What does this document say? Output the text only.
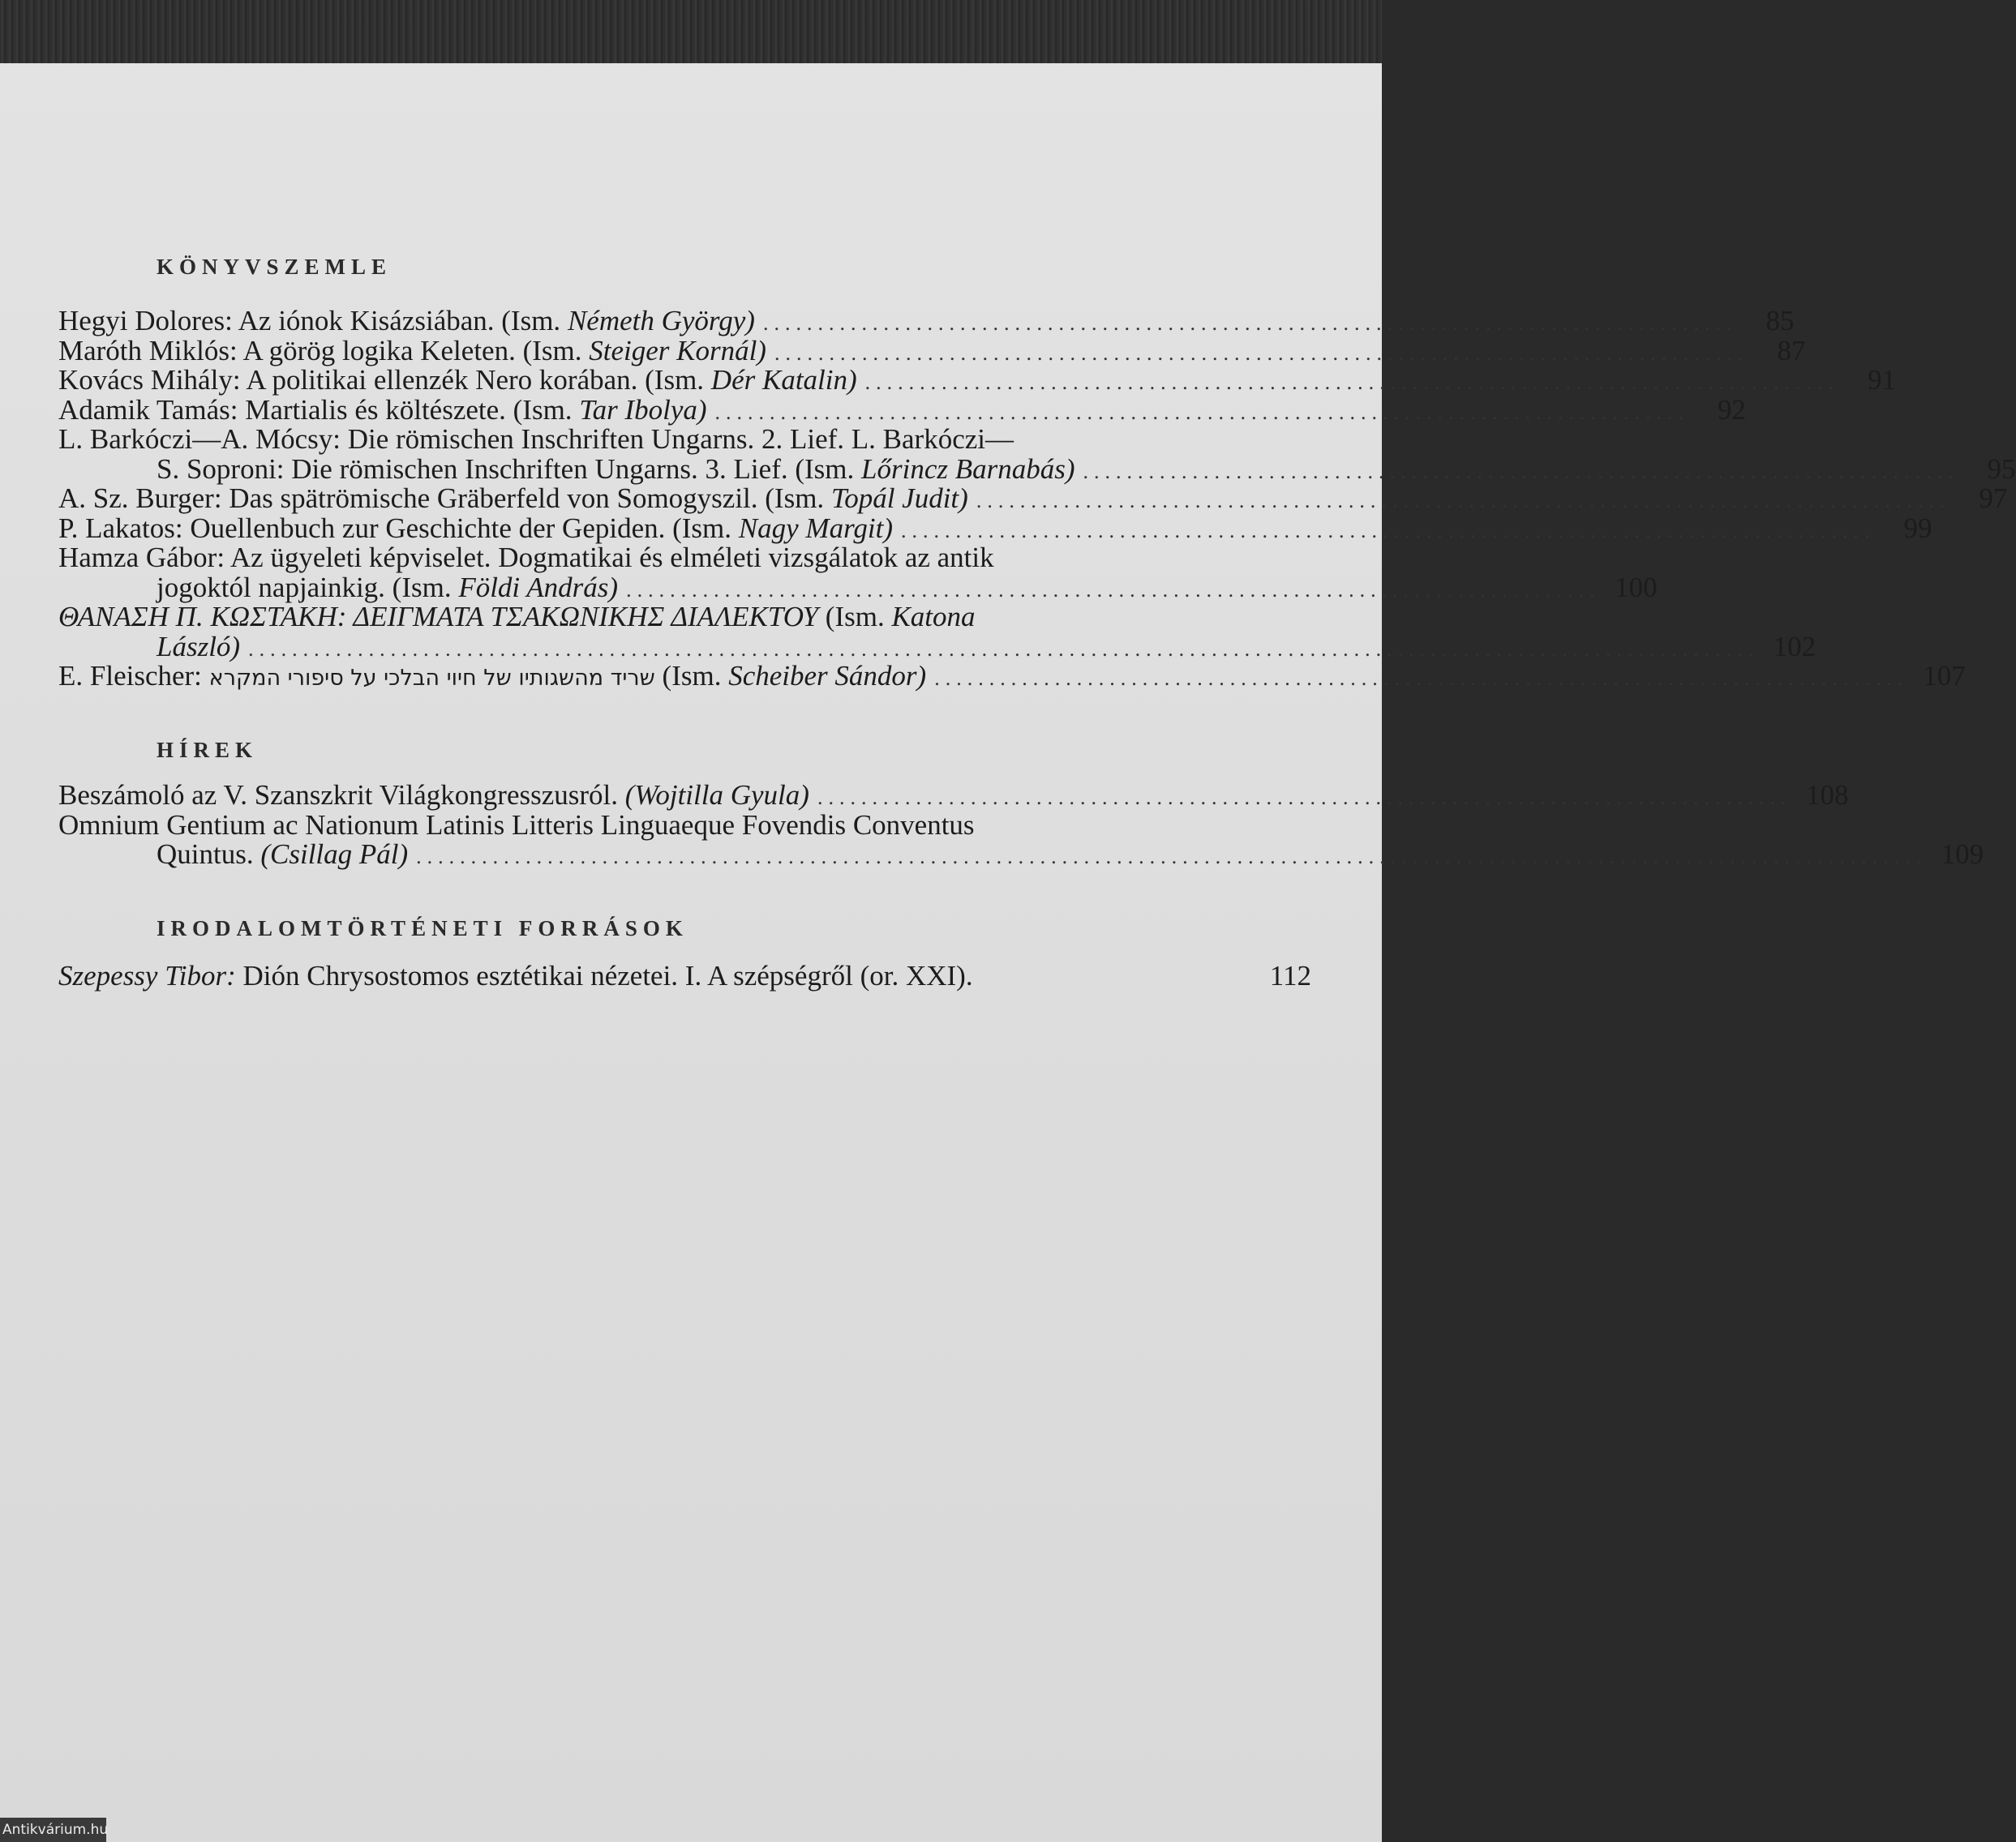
KÖNYVSZEMLE
Hegyi Dolores: Az iónok Kisázsiában. (Ism. Németh György) .........................................................................................	85
Maróth Miklós: A görög logika Keleten. (Ism. Steiger Kornál) .........................................................................................	87
Kovács Mihály: A politikai ellenzék Nero korában. (Ism. Dér Katalin) .........................................................................................	91
Adamik Tamás: Martialis és költészete. (Ism. Tar Ibolya) .........................................................................................	92
L. Barkóczi—A. Mócsy: Die römischen Inschriften Ungarns. 2. Lief. L. Barkóczi—
S. Soproni: Die römischen Inschriften Ungarns. 3. Lief. (Ism. Lőrincz Barnabás) ................................................................................	95
A. Sz. Burger: Das spätrömische Gräberfeld von Somogyszil. (Ism. Topál Judit) .........................................................................................	97
P. Lakatos: Ouellenbuch zur Geschichte der Gepiden. (Ism. Nagy Margit) .........................................................................................	99
Hamza Gábor: Az ügyeleti képviselet. Dogmatikai és elméleti vizsgálatok az antik
jogoktól napjainkig. (Ism. Földi András) ......................................................................................... 100
ΘΑΝΑΣΗ Π. ΚΩΣΤΑΚΗ: ΔΕΙΓΜΑΤΑ ΤΣΑΚΩΝΙΚΗΣ ΔΙΑΛΕΚΤΟΥ (Ism. Katona
László) .......................................................................................................................................... 102
E. Fleischer: שריד מהשגותיו של חיוי הבלכי על סיפורי המקרא (Ism. Scheiber Sándor) ......................................................................................... 107
HÍREK
Beszámoló az V. Szanszkrit Világkongresszusról. (Wojtilla Gyula) ......................................................................................... 108
Omnium Gentium ac Nationum Latinis Litteris Linguaeque Fovendis Conventus
Quintus. (Csillag Pál) .......................................................................................................................................... 109
IRODALOMTÖRTÉNETI FORRÁSOK
Szepessy Tibor: Dión Chrysostomos esztétikai nézetei. I. A szépségről (or. XXI).	112
Antikvárium.hu
